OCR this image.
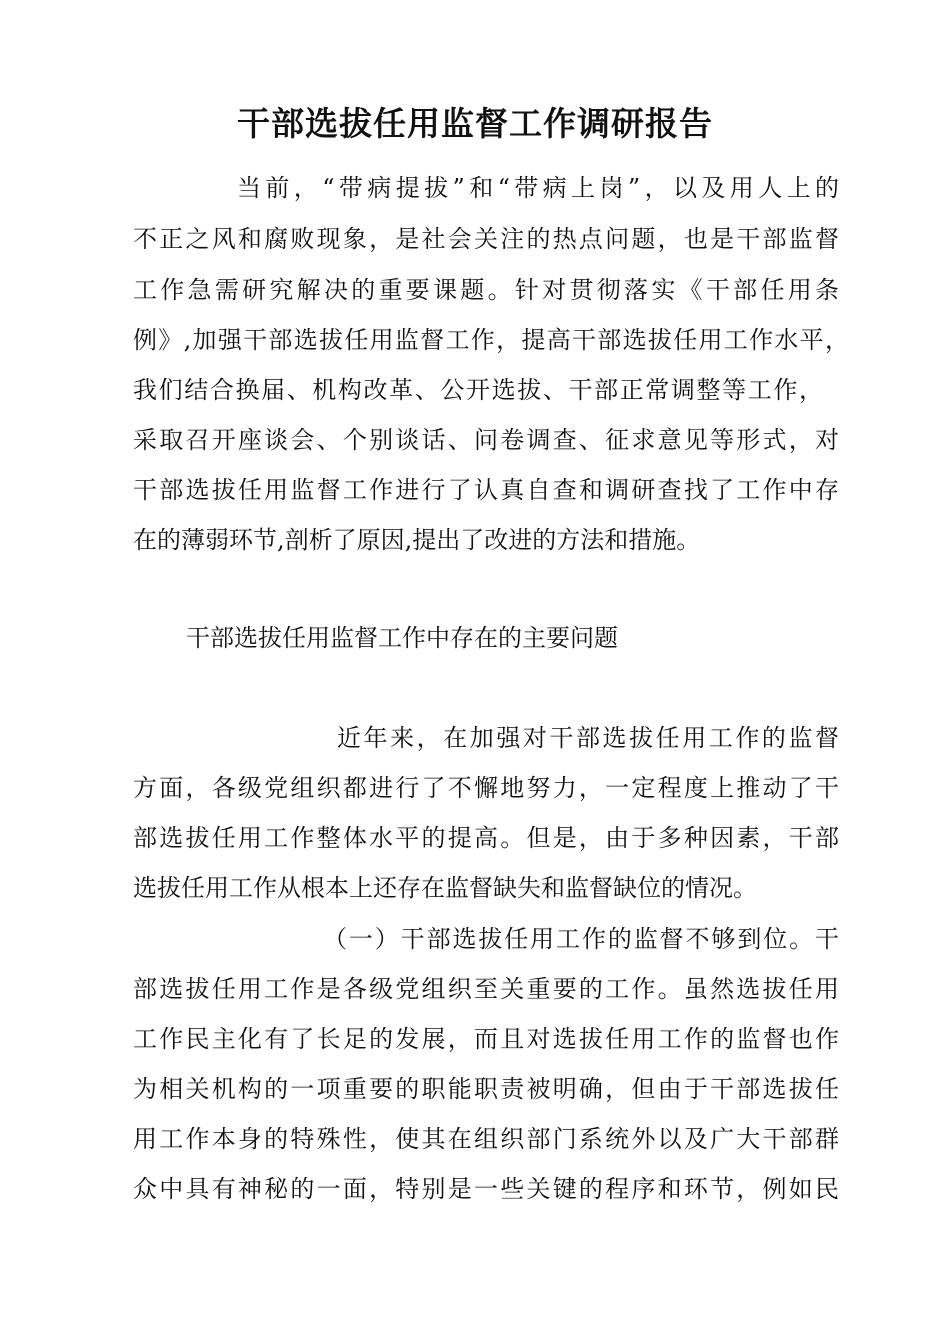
干部选拔任用监督工作调研报告
当前，“带病提拔”和“带病上岗”，以及用人上的
不正之风和腐败现象，是社会关注的热点问题，也是干部监督
工作急需研究解决的重要课题。针对贯彻落实《干部任用条
例》,加强干部选拔任用监督工作，提高干部选拔任用工作水平，
我们结合换届、机构改革、公开选拔、干部正常调整等工作，
采取召开座谈会、个别谈话、问卷调查、征求意见等形式，对
干部选拔任用监督工作进行了认真自查和调研查找了工作中存
在的薄弱环节,剖析了原因,提出了改进的方法和措施。
干部选拔任用监督工作中存在的主要问题
近年来，在加强对干部选拔任用工作的监督
方面，各级党组织都进行了不懈地努力，一定程度上推动了干
部选拔任用工作整体水平的提高。但是，由于多种因素，干部
选拔任用工作从根本上还存在监督缺失和监督缺位的情况。
（一）干部选拔任用工作的监督不够到位。干
部选拔任用工作是各级党组织至关重要的工作。虽然选拔任用
工作民主化有了长足的发展，而且对选拔任用工作的监督也作
为相关机构的一项重要的职能职责被明确，但由于干部选拔任
用工作本身的特殊性，使其在组织部门系统外以及广大干部群
众中具有神秘的一面，特别是一些关键的程序和环节，例如民
